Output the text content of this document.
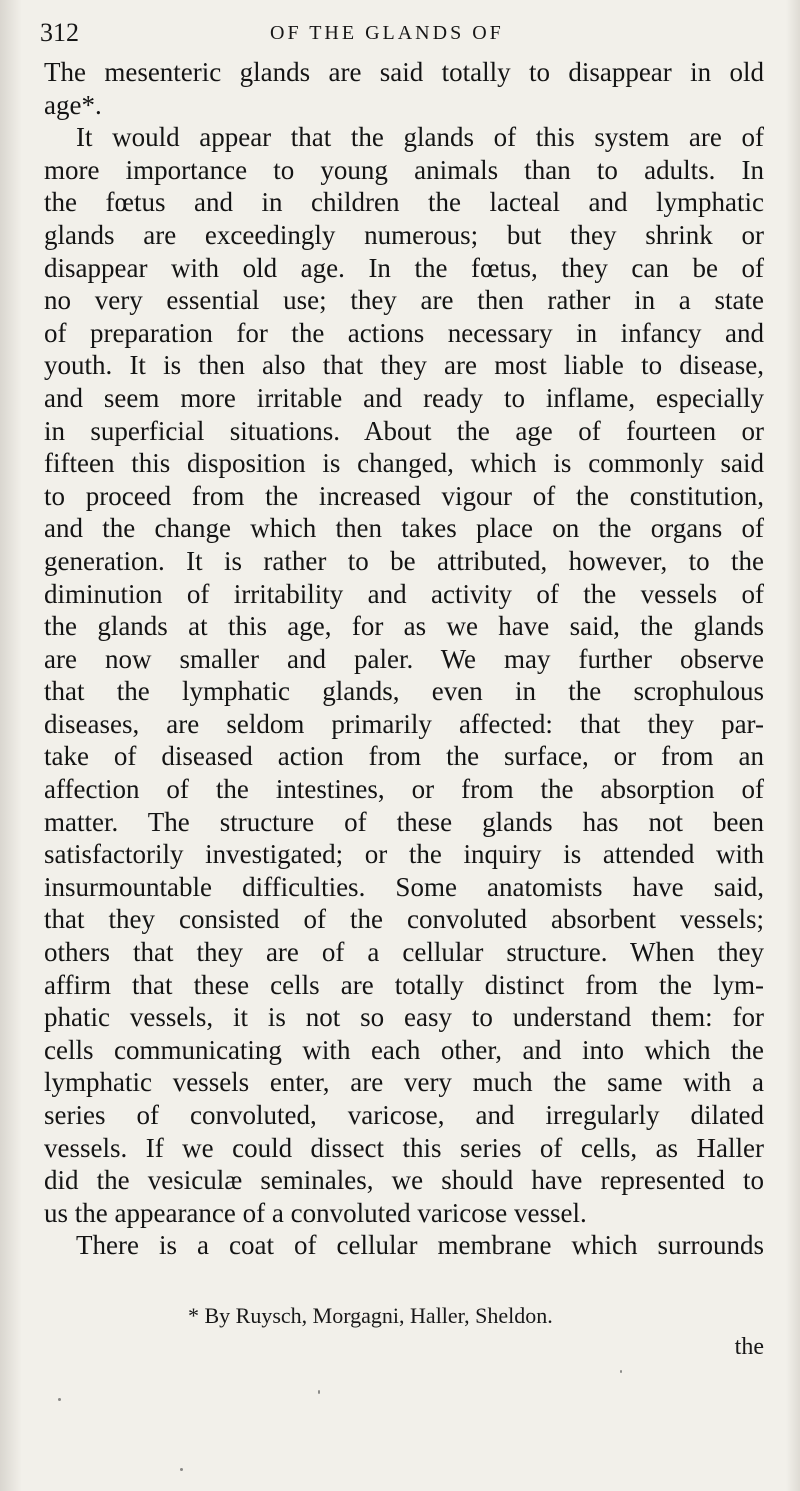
312	OF THE GLANDS OF
The mesenteric glands are said totally to disappear in old
age*.
It would appear that the glands of this system are of
more importance to young animals than to adults. In
the fœtus and in children the lacteal and lymphatic
glands are exceedingly numerous; but they shrink or
disappear with old age. In the fœtus, they can be of
no very essential use; they are then rather in a state
of preparation for the actions necessary in infancy and
youth. It is then also that they are most liable to disease,
and seem more irritable and ready to inflame, especially
in superficial situations. About the age of fourteen or
fifteen this disposition is changed, which is commonly said
to proceed from the increased vigour of the constitution,
and the change which then takes place on the organs of
generation. It is rather to be attributed, however, to the
diminution of irritability and activity of the vessels of
the glands at this age, for as we have said, the glands
are now smaller and paler. We may further observe
that the lymphatic glands, even in the scrophulous
diseases, are seldom primarily affected: that they par-
take of diseased action from the surface, or from an
affection of the intestines, or from the absorption of
matter. The structure of these glands has not been
satisfactorily investigated; or the inquiry is attended with
insurmountable difficulties. Some anatomists have said,
that they consisted of the convoluted absorbent vessels;
others that they are of a cellular structure. When they
affirm that these cells are totally distinct from the lym-
phatic vessels, it is not so easy to understand them: for
cells communicating with each other, and into which the
lymphatic vessels enter, are very much the same with a
series of convoluted, varicose, and irregularly dilated
vessels. If we could dissect this series of cells, as Haller
did the vesiculæ seminales, we should have represented to
us the appearance of a convoluted varicose vessel.
There is a coat of cellular membrane which surrounds
* By Ruysch, Morgagni, Haller, Sheldon.
the
